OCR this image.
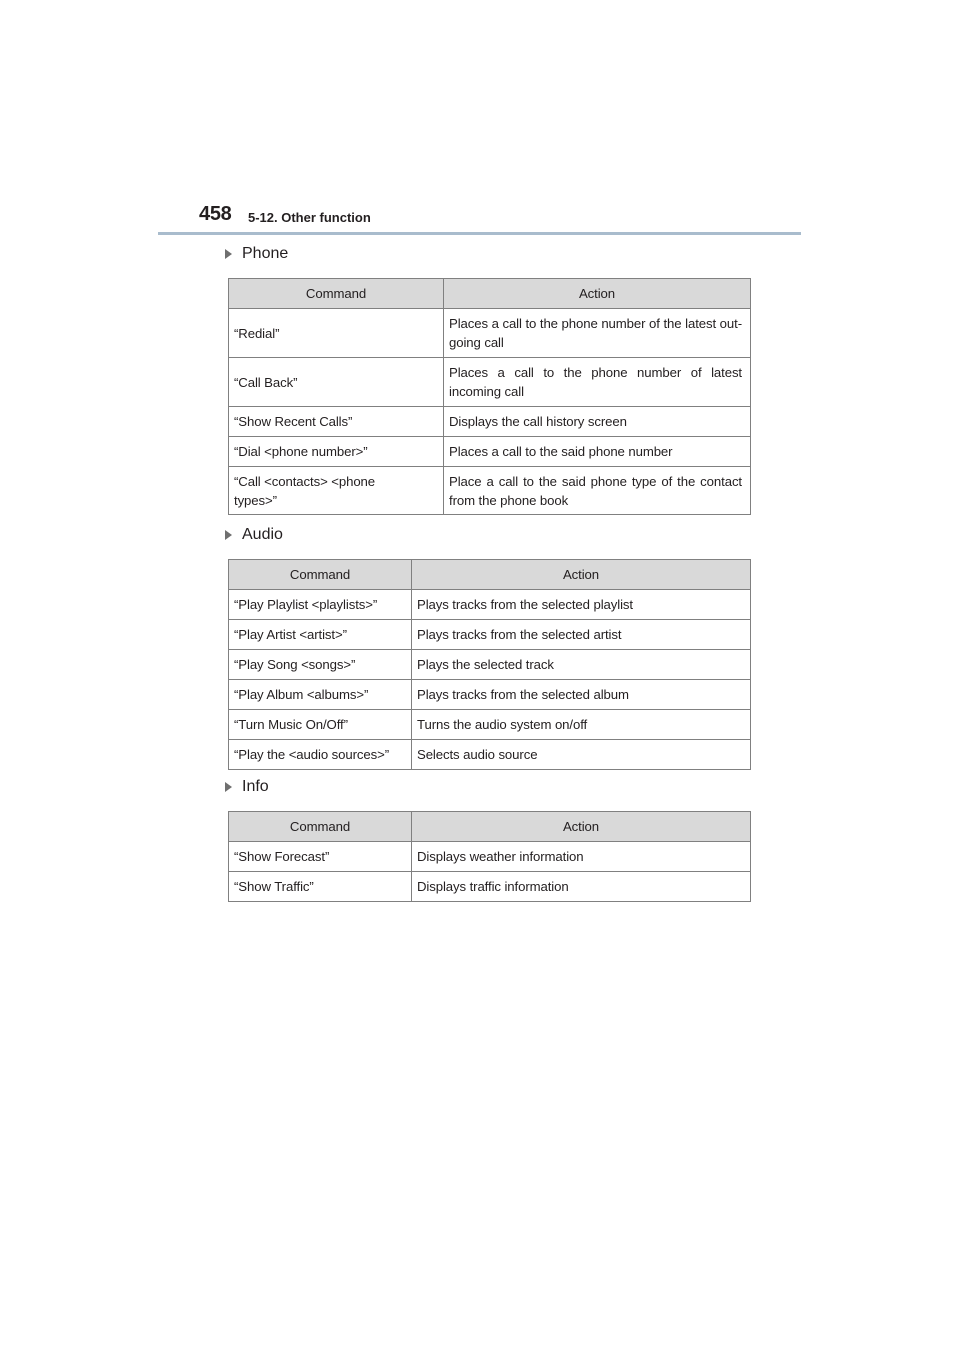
458 5-12. Other function
Phone
Command	Action
“Redial”	Places a call to the phone number of the latest out-going call
“Call Back”	Places a call to the phone number of latest incoming call
“Show Recent Calls”	Displays the call history screen
“Dial <phone number>”	Places a call to the said phone number
“Call <contacts> <phone types>”	Place a call to the said phone type of the contact from the phone book
Audio
Command	Action
“Play Playlist <playlists>”	Plays tracks from the selected playlist
“Play Artist <artist>”	Plays tracks from the selected artist
“Play Song <songs>”	Plays the selected track
“Play Album <albums>”	Plays tracks from the selected album
“Turn Music On/Off”	Turns the audio system on/off
“Play the <audio sources>”	Selects audio source
Info
Command	Action
“Show Forecast”	Displays weather information
“Show Traffic”	Displays traffic information
